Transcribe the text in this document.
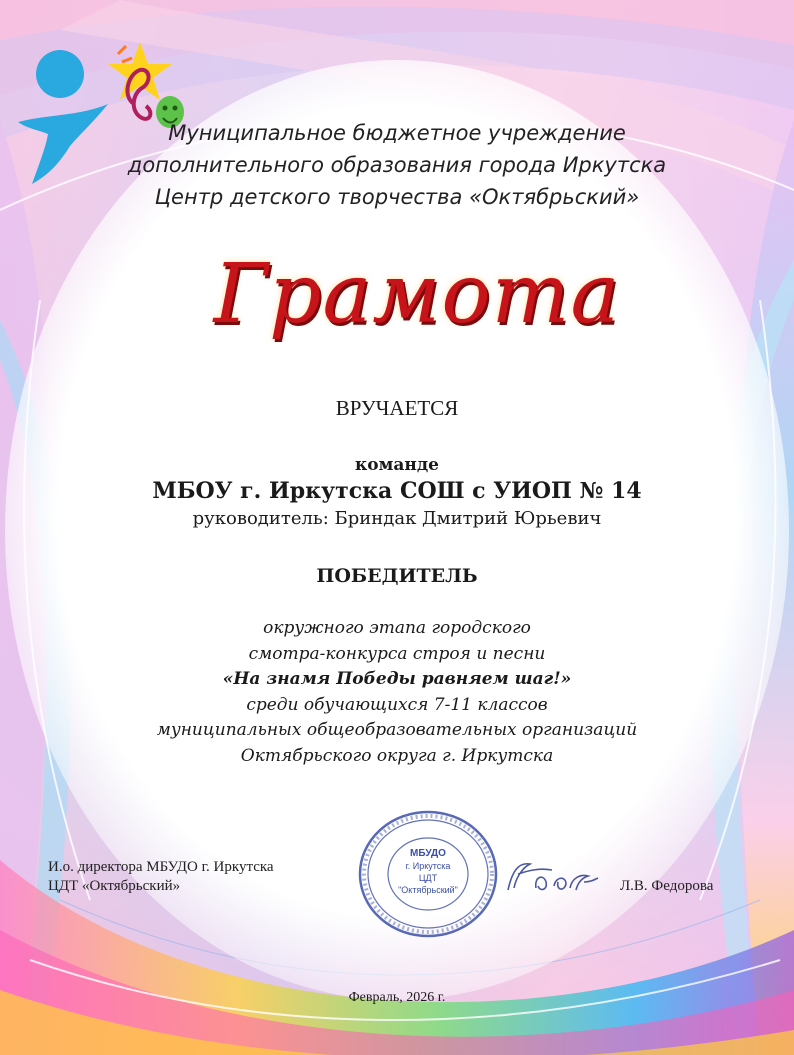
Муниципальное бюджетное учреждение
дополнительного образования города Иркутска
Центр детского творчества «Октябрьский»
Грамота
ВРУЧАЕТСЯ
команде
МБОУ г. Иркутска СОШ с УИОП № 14
руководитель: Бриндак Дмитрий Юрьевич
ПОБЕДИТЕЛЬ
окружного этапа городского
смотра-конкурса строя и песни
«На знамя Победы равняем шаг!»
среди обучающихся 7-11 классов
муниципальных общеобразовательных организаций
Октябрьского округа г. Иркутска
И.о. директора МБУДО г. Иркутска
ЦДТ «Октябрьский»	Л.В. Федорова
МБУДО
г. Иркутска
ЦДТ
"Октябрьский"
Февраль, 2026 г.
